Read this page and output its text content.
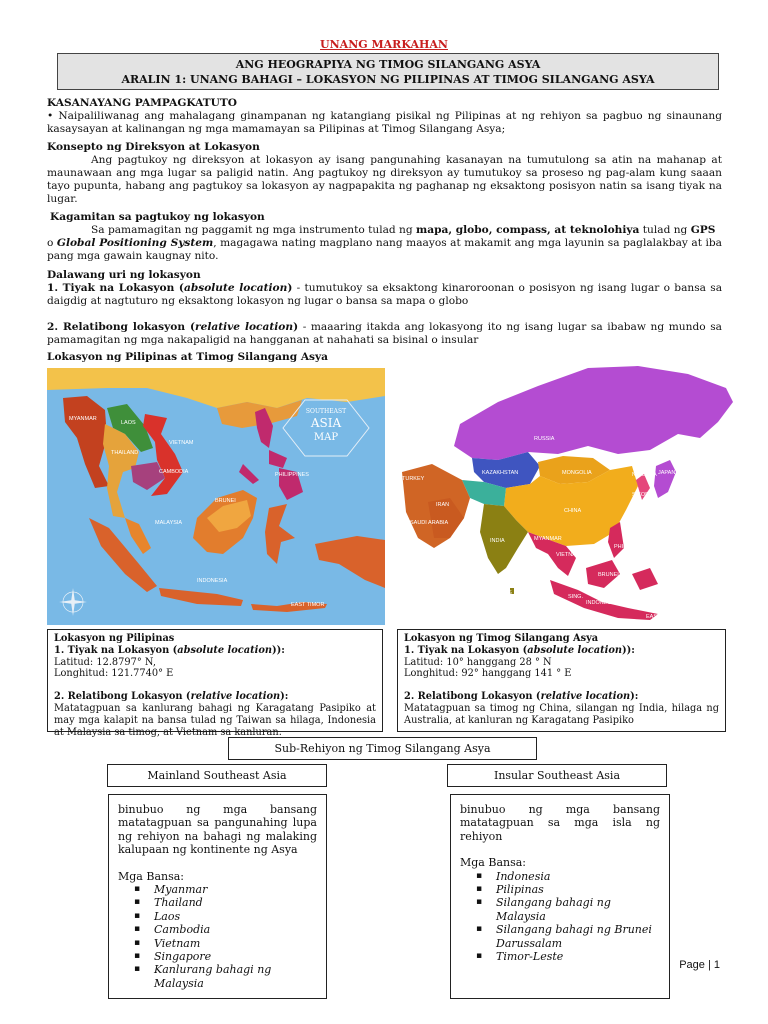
UNANG MARKAHAN
ANG HEOGRAPIYA NG TIMOG SILANGANG ASYA
ARALIN 1: UNANG BAHAGI – LOKASYON NG PILIPINAS AT TIMOG SILANGANG ASYA
KASANAYANG PAMPAGKATUTO

• Naipaliliwanag ang mahalagang ginampanan ng katangiang pisikal ng Pilipinas at ng rehiyon sa pagbuo ng sinaunang kasaysayan at kalinangan ng mga mamamayan sa Pilipinas at Timog Silangang Asya;

Konsepto ng Direksyon at Lokasyon

Ang pagtukoy ng direksyon at lokasyon ay isang pangunahing kasanayan na tumutulong sa atin na mahanap at maunawaan ang mga lugar sa paligid natin. Ang pagtukoy ng direksyon ay tumutukoy sa proseso ng pag-alam kung saaan tayo pupunta, habang ang pagtukoy sa lokasyon ay nagpapakita ng paghanap ng eksaktong posisyon natin sa isang tiyak na lugar.

Kagamitan sa pagtukoy ng lokasyon

Sa pamamagitan ng paggamit ng mga instrumento tulad ng mapa, globo, compass, at teknolohiya tulad ng GPS
o Global Positioning System, magagawa nating magplano nang maayos at makamit ang mga layunin sa paglalakbay at iba pang mga gawain kaugnay nito.

Dalawang uri ng lokasyon

1. Tiyak na Lokasyon (absolute location) - tumutukoy sa eksaktong kinaroroonan o posisyon ng isang lugar o bansa sa daigdig at nagtuturo ng eksaktong lokasyon ng lugar o bansa sa mapa o globo

2. Relatibong lokasyon (relative location) - maaaring itakda ang lokasyong ito ng isang lugar sa ibabaw ng mundo sa pamamagitan ng mga nakapaligid na hangganan at nahahati sa bisinal o insular

Lokasyon ng Pilipinas at Timog Silangang Asya
SOUTHEAST
ASIA
MAP
MYANMAR
LAOS
THAILAND
VIETNAM
CAMBODIA
BRUNEI
MALAYSIA
PHILIPPINES
INDONESIA
EAST TIMOR
RUSSIA
KAZAKHSTAN	MONGOLIA
CHINA
INDIA
IRAN
JAPAN
S.KOREA
N.KOREA
TAIWAN
PHILIPPINES
SRI LANKA
MALDIVES
INDONESIA
EAST TIMOR
SAUDI ARABIA
TURKEY
SING.
BRUNEI
MYANMAR
VIETNAM
Lokasyon ng Pilipinas
1. Tiyak na Lokasyon (absolute location)):
Latitud: 12.8797° N,
Longhitud: 121.7740° E
2. Relatibong Lokasyon (relative location):

Matatagpuan sa kanlurang bahagi ng Karagatang Pasipiko at may mga kalapit na bansa tulad ng Taiwan sa hilaga, Indonesia at Malaysia sa timog, at Vietnam sa kanluran.

Lokasyon ng Timog Silangang Asya
1. Tiyak na Lokasyon (absolute location)):
Latitud: 10° hanggang 28 ° N
Longhitud: 92° hanggang 141 ° E
2. Relatibong Lokasyon (relative location):

Matatagpuan sa timog ng China, silangan ng India, hilaga ng Australia, at kanluran ng Karagatang Pasipiko

Sub-Rehiyon ng Timog Silangang Asya
Mainland Southeast Asia	Insular Southeast Asia

binubuo ng mga bansang matatagpuan sa pangunahing lupa ng rehiyon na bahagi ng malaking kalupaan ng kontinente ng Asya

Mga Bansa:
▪ Myanmar
▪ Thailand
▪ Laos
▪ Cambodia
▪ Vietnam
▪ Singapore
▪ Kanlurang bahagi ng Malaysia

binubuo ng mga bansang matatagpuan sa mga isla ng rehiyon

Mga Bansa:
▪ Indonesia
▪ Pilipinas
▪ Silangang bahagi ng Malaysia
▪ Silangang bahagi ng Brunei Darussalam
▪ Timor-Leste
Page | 1
